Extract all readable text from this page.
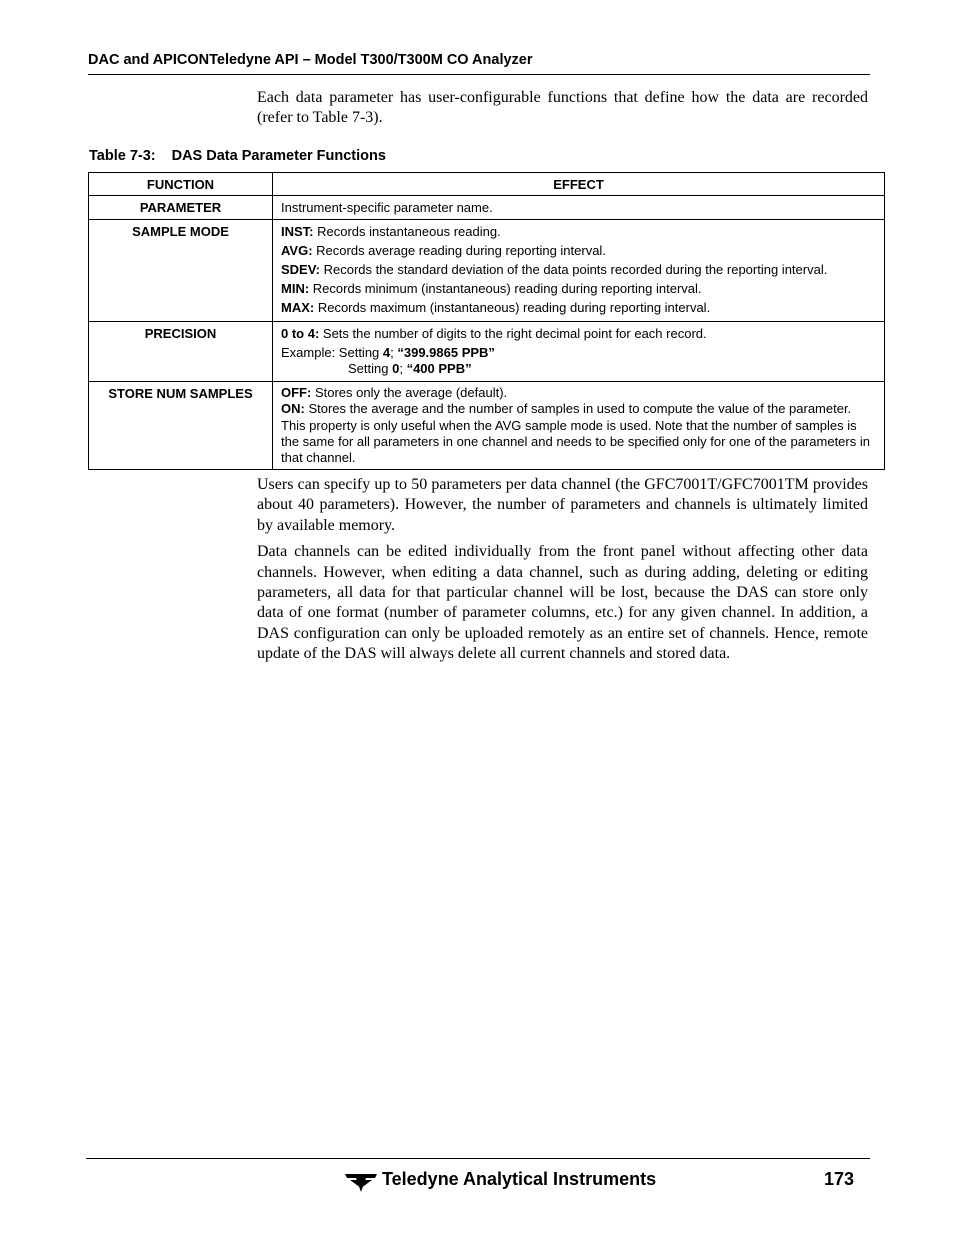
DAC and APICONTeledyne API – Model T300/T300M CO Analyzer

Each data parameter has user-configurable functions that define how the data are recorded (refer to Table 7-3).

Table 7-3: DAS Data Parameter Functions
FUNCTION	EFFECT
PARAMETER	Instrument-specific parameter name.
SAMPLE MODE	INST: Records instantaneous reading.
AVG: Records average reading during reporting interval.
SDEV: Records the standard deviation of the data points recorded during the reporting interval.
MIN: Records minimum (instantaneous) reading during reporting interval.
MAX: Records maximum (instantaneous) reading during reporting interval.

PRECISION	0 to 4: Sets the number of digits to the right decimal point for each record.
Example: Setting 4; “399.9865 PPB”
Setting 0; “400 PPB”

STORE NUM SAMPLES	OFF: Stores only the average (default).
ON: Stores the average and the number of samples in used to compute the value of the parameter. This property is only useful when the AVG sample mode is used. Note that the number of samples is the same for all parameters in one channel and needs to be specified only for one of the parameters in that channel.

Users can specify up to 50 parameters per data channel (the GFC7001T/GFC7001TM provides about 40 parameters). However, the number of parameters and channels is ultimately limited by available memory.

Data channels can be edited individually from the front panel without affecting other data channels. However, when editing a data channel, such as during adding, deleting or editing parameters, all data for that particular channel will be lost, because the DAS can store only data of one format (number of parameter columns, etc.) for any given channel. In addition, a DAS configuration can only be uploaded remotely as an entire set of channels. Hence, remote update of the DAS will always delete all current channels and stored data.

Teledyne Analytical Instruments	173
